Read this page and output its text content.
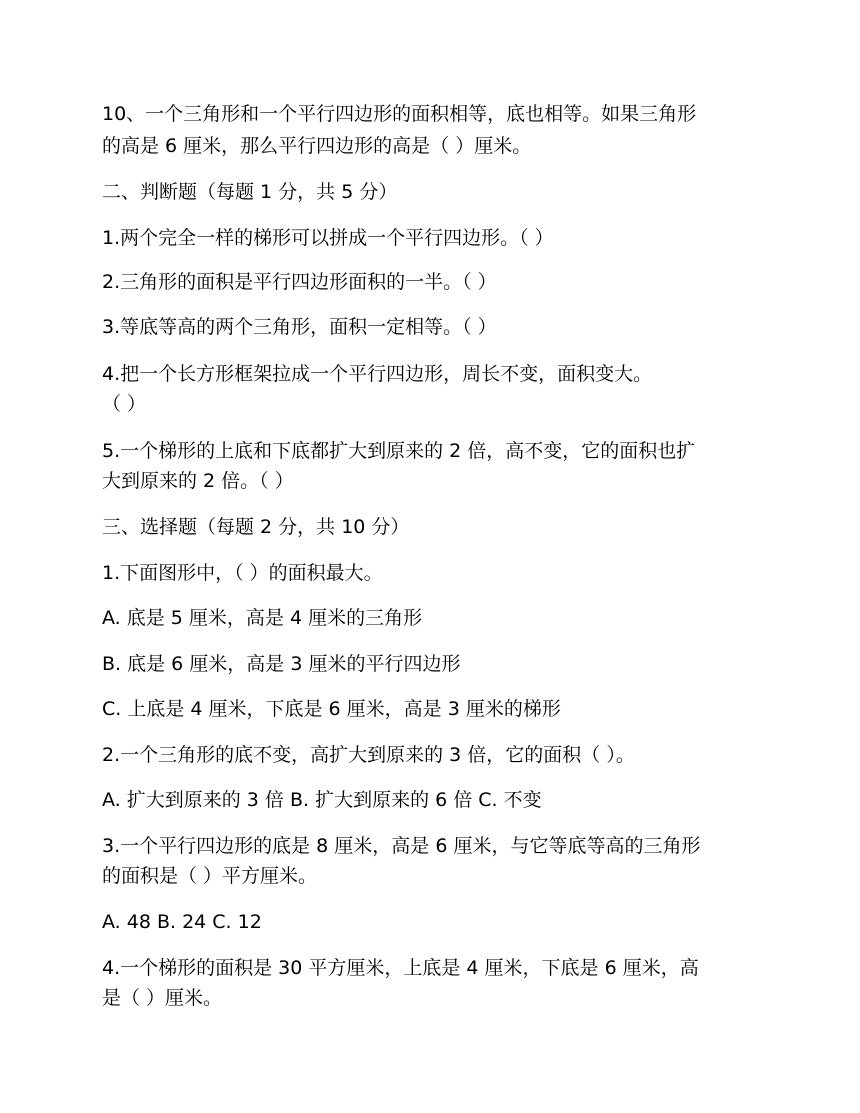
10、一个三角形和一个平行四边形的面积相等，底也相等。如果三角形
的高是 6 厘米，那么平行四边形的高是（ ）厘米。
二、判断题（每题 1 分，共 5 分）
1.两个完全一样的梯形可以拼成一个平行四边形。（ ）
2.三角形的面积是平行四边形面积的一半。（ ）
3.等底等高的两个三角形，面积一定相等。（ ）
4.把一个长方形框架拉成一个平行四边形，周长不变，面积变大。
（ ）
5.一个梯形的上底和下底都扩大到原来的 2 倍，高不变，它的面积也扩
大到原来的 2 倍。（ ）
三、选择题（每题 2 分，共 10 分）
1.下面图形中，（ ）的面积最大。
A. 底是 5 厘米，高是 4 厘米的三角形
B. 底是 6 厘米，高是 3 厘米的平行四边形
C. 上底是 4 厘米，下底是 6 厘米，高是 3 厘米的梯形
2.一个三角形的底不变，高扩大到原来的 3 倍，它的面积（ ）。
A. 扩大到原来的 3 倍 B. 扩大到原来的 6 倍 C. 不变
3.一个平行四边形的底是 8 厘米，高是 6 厘米，与它等底等高的三角形
的面积是（ ）平方厘米。
A. 48 B. 24 C. 12
4.一个梯形的面积是 30 平方厘米，上底是 4 厘米，下底是 6 厘米，高
是（ ）厘米。
